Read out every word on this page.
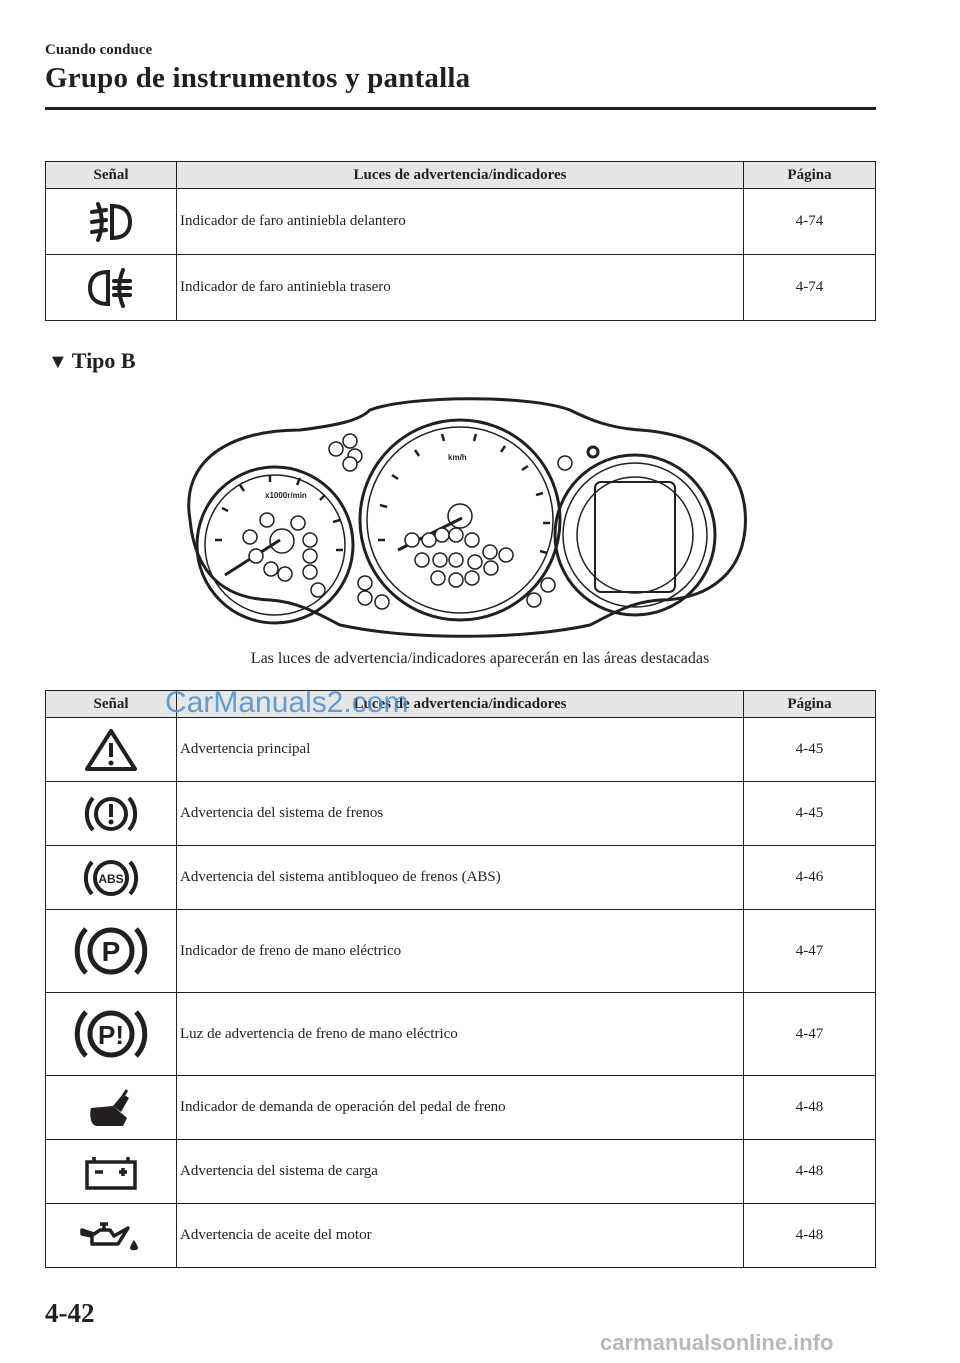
Cuando conduce
Grupo de instrumentos y pantalla
Señal	Luces de advertencia/indicadores	Página

	Indicador de faro antiniebla delantero	4-74

	Indicador de faro antiniebla trasero	4-74
▼ Tipo B
x1000r/min
km/h
Las luces de advertencia/indicadores aparecerán en las áreas destacadas
Señal	Luces de advertencia/indicadores	Página

	Advertencia principal	4-45

	Advertencia del sistema de frenos	4-45

ABS	Advertencia del sistema antibloqueo de frenos (ABS)	4-46

P	Indicador de freno de mano eléctrico	4-47

P!	Luz de advertencia de freno de mano eléctrico	4-47

	Indicador de demanda de operación del pedal de freno	4-48

	Advertencia del sistema de carga	4-48

	Advertencia de aceite del motor	4-48
CarManuals2.com
4-42
carmanualsonline.info
